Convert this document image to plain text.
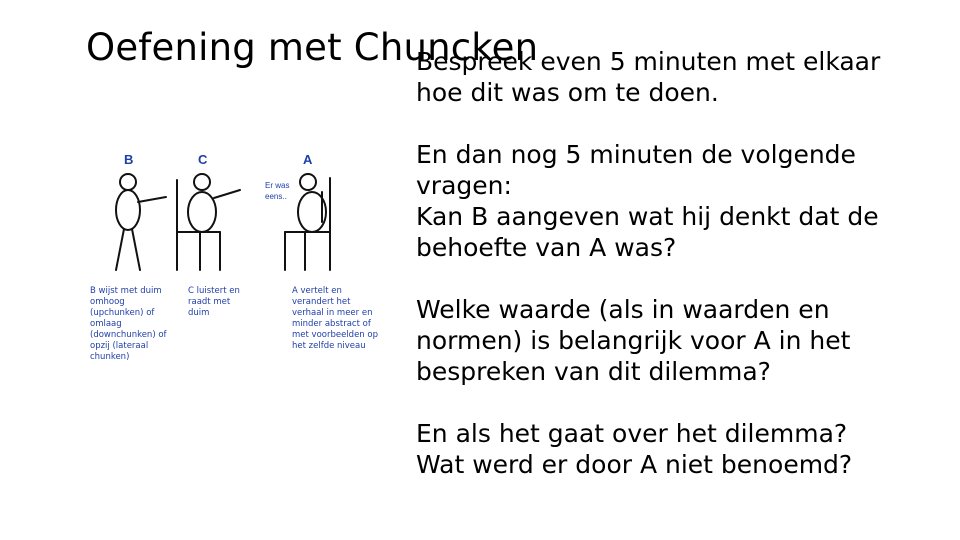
Bespreek even 5 minuten met elkaar
hoe dit was om te doen.

En dan nog 5 minuten de volgende
vragen:
Kan B aangeven wat hij denkt dat de
behoefte van A was?

Welke waarde (als in waarden en
normen) is belangrijk voor A in het
bespreken van dit dilemma?

En als het gaat over het dilemma?
Wat werd er door A niet benoemd?

Oefening met Chuncken
B	C	A
Er was
eens..
B wijst met duim
omhoog
(upchunken) of
omlaag
(downchunken) of
opzij (lateraal
chunken)
C luistert en
raadt met
duim
A vertelt en
verandert het
verhaal in meer en
minder abstract of
met voorbeelden op
het zelfde niveau
